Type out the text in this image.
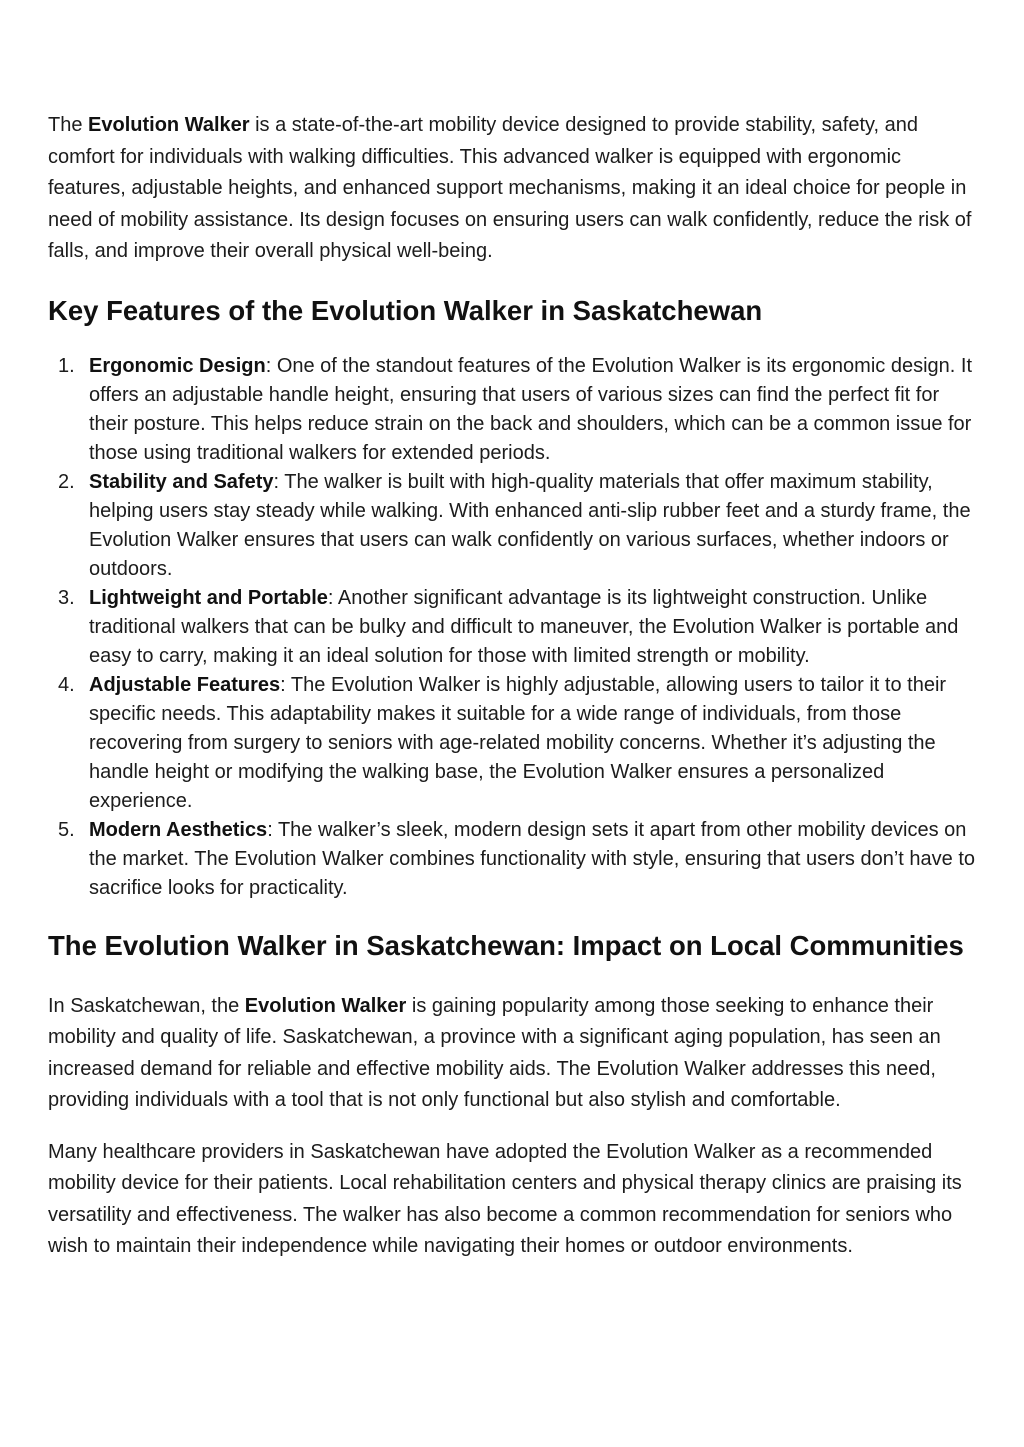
The Evolution Walker is a state-of-the-art mobility device designed to provide stability, safety, and comfort for individuals with walking difficulties. This advanced walker is equipped with ergonomic features, adjustable heights, and enhanced support mechanisms, making it an ideal choice for people in need of mobility assistance. Its design focuses on ensuring users can walk confidently, reduce the risk of falls, and improve their overall physical well-being.

Key Features of the Evolution Walker in Saskatchewan
1. Ergonomic Design: One of the standout features of the Evolution Walker is its ergonomic design. It offers an adjustable handle height, ensuring that users of various sizes can find the perfect fit for their posture. This helps reduce strain on the back and shoulders, which can be a common issue for those using traditional walkers for extended periods.
2. Stability and Safety: The walker is built with high-quality materials that offer maximum stability, helping users stay steady while walking. With enhanced anti-slip rubber feet and a sturdy frame, the Evolution Walker ensures that users can walk confidently on various surfaces, whether indoors or outdoors.
3. Lightweight and Portable: Another significant advantage is its lightweight construction. Unlike traditional walkers that can be bulky and difficult to maneuver, the Evolution Walker is portable and easy to carry, making it an ideal solution for those with limited strength or mobility.
4. Adjustable Features: The Evolution Walker is highly adjustable, allowing users to tailor it to their specific needs. This adaptability makes it suitable for a wide range of individuals, from those recovering from surgery to seniors with age-related mobility concerns. Whether it’s adjusting the handle height or modifying the walking base, the Evolution Walker ensures a personalized experience.
5. Modern Aesthetics: The walker’s sleek, modern design sets it apart from other mobility devices on the market. The Evolution Walker combines functionality with style, ensuring that users don’t have to sacrifice looks for practicality.
The Evolution Walker in Saskatchewan: Impact on Local Communities

In Saskatchewan, the Evolution Walker is gaining popularity among those seeking to enhance their mobility and quality of life. Saskatchewan, a province with a significant aging population, has seen an increased demand for reliable and effective mobility aids. The Evolution Walker addresses this need, providing individuals with a tool that is not only functional but also stylish and comfortable.

Many healthcare providers in Saskatchewan have adopted the Evolution Walker as a recommended mobility device for their patients. Local rehabilitation centers and physical therapy clinics are praising its versatility and effectiveness. The walker has also become a common recommendation for seniors who wish to maintain their independence while navigating their homes or outdoor environments.
